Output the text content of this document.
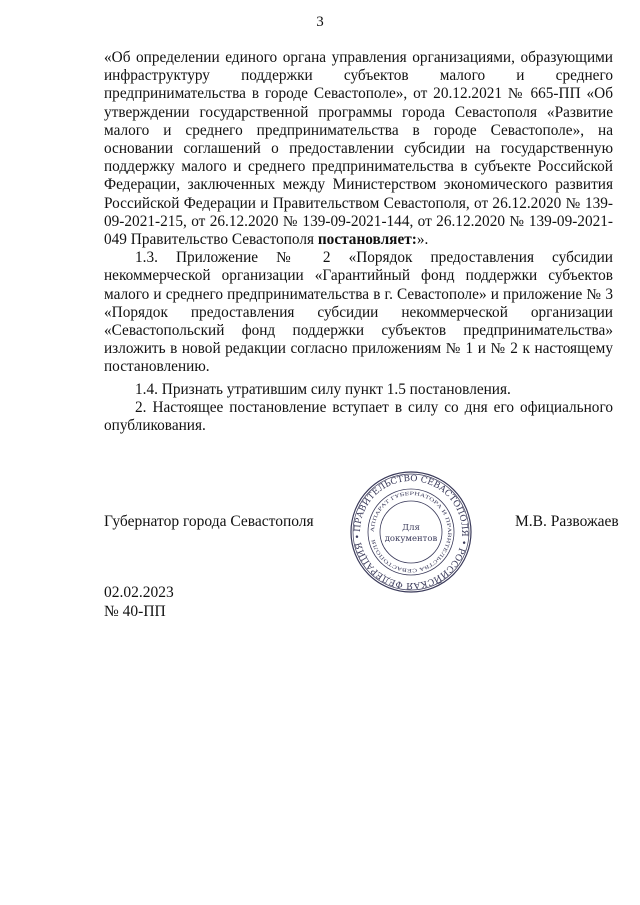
3

«Об определении единого органа управления организациями, образующими инфраструктуру поддержки субъектов малого и среднего предпринимательства в городе Севастополе», от 20.12.2021 № 665-ПП «Об утверждении государственной программы города Севастополя «Развитие малого и среднего предпринимательства в городе Севастополе», на основании соглашений о предоставлении субсидии на государственную поддержку малого и среднего предпринимательства в субъекте Российской Федерации, заключенных между Министерством экономического развития Российской Федерации и Правительством Севастополя, от 26.12.2020 № 139-09-2021-215, от 26.12.2020 № 139-09-2021-144, от 26.12.2020 № 139-09-2021-049 Правительство Севастополя постановляет:».

1.3. Приложение № 2 «Порядок предоставления субсидии некоммерческой организации «Гарантийный фонд поддержки субъектов малого и среднего предпринимательства в г. Севастополе» и приложение № 3 «Порядок предоставления субсидии некоммерческой организации «Севастопольский фонд поддержки субъектов предпринимательства» изложить в новой редакции согласно приложениям № 1 и № 2 к настоящему постановлению.

1.4. Признать утратившим силу пункт 1.5 постановления.

2. Настоящее постановление вступает в силу со дня его официального опубликования.

Губернатор города Севастополя	М.В. Развожаев
ПРАВИТЕЛЬСТВО СЕВАСТОПОЛЯ • РОССИЙСКАЯ ФЕДЕРАЦИЯ •
АППАРАТ ГУБЕРНАТОРА И ПРАВИТЕЛЬСТВА СЕВАСТОПОЛЯ
Для
документов
02.02.2023
№ 40-ПП
